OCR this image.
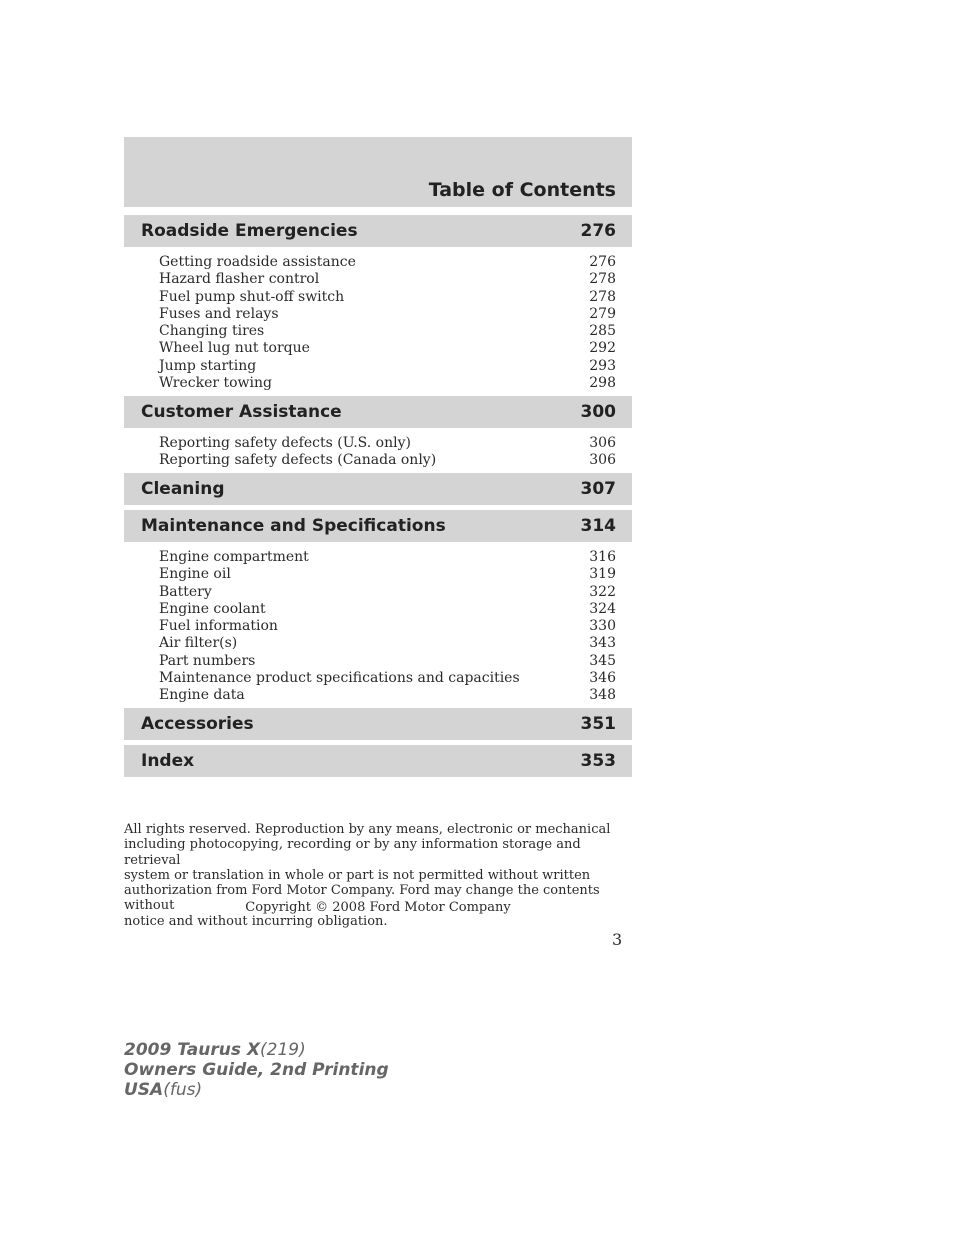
Table of Contents
Roadside Emergencies	276
Getting roadside assistance	276
Hazard flasher control	278
Fuel pump shut-off switch	278
Fuses and relays	279
Changing tires	285
Wheel lug nut torque	292
Jump starting	293
Wrecker towing	298
Customer Assistance	300
Reporting safety defects (U.S. only)	306
Reporting safety defects (Canada only)	306
Cleaning	307
Maintenance and Specifications	314
Engine compartment	316
Engine oil	319
Battery	322
Engine coolant	324
Fuel information	330
Air filter(s)	343
Part numbers	345
Maintenance product specifications and capacities	346
Engine data	348
Accessories	351
Index	353
All rights reserved. Reproduction by any means, electronic or mechanical
including photocopying, recording or by any information storage and retrieval
system or translation in whole or part is not permitted without written
authorization from Ford Motor Company. Ford may change the contents without
notice and without incurring obligation.
Copyright © 2008 Ford Motor Company
3
2009 Taurus X(219)
Owners Guide, 2nd Printing
USA(fus)
